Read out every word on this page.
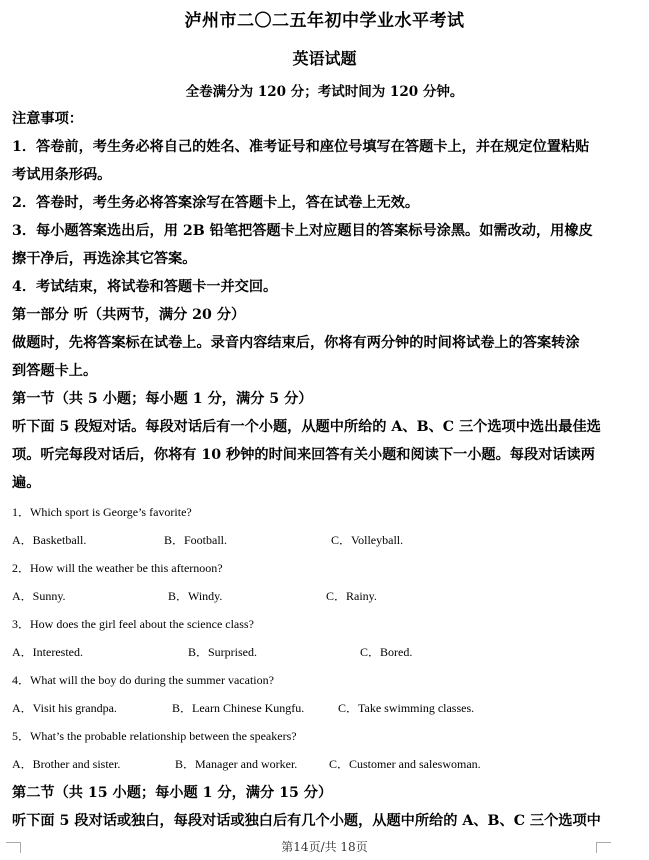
泸州市二〇二五年初中学业水平考试
英语试题
全卷满分为 120 分；考试时间为 120 分钟。
注意事项：
1．答卷前，考生务必将自己的姓名、准考证号和座位号填写在答题卡上，并在规定位置粘贴
考试用条形码。
2．答卷时，考生务必将答案涂写在答题卡上，答在试卷上无效。
3．每小题答案选出后，用 2B 铅笔把答题卡上对应题目的答案标号涂黑。如需改动，用橡皮
擦干净后，再选涂其它答案。
4．考试结束，将试卷和答题卡一并交回。
第一部分 听（共两节，满分 20 分）
做题时，先将答案标在试卷上。录音内容结束后，你将有两分钟的时间将试卷上的答案转涂
到答题卡上。
第一节（共 5 小题；每小题 1 分，满分 5 分）
听下面 5 段短对话。每段对话后有一个小题，从题中所给的 A、B、C 三个选项中选出最佳选
项。听完每段对话后，你将有 10 秒钟的时间来回答有关小题和阅读下一小题。每段对话读两
遍。
1．Which sport is George’s favorite?
A．Basketball.	B．Football.	C．Volleyball.
2．How will the weather be this afternoon?
A．Sunny.	B．Windy.	C．Rainy.
3．How does the girl feel about the science class?
A．Interested.	B．Surprised.	C．Bored.
4．What will the boy do during the summer vacation?
A．Visit his grandpa.	B．Learn Chinese Kungfu.	C．Take swimming classes.
5．What’s the probable relationship between the speakers?
A．Brother and sister.	B．Manager and worker.	C．Customer and saleswoman.
第二节（共 15 小题；每小题 1 分，满分 15 分）
听下面 5 段对话或独白，每段对话或独白后有几个小题，从题中所给的 A、B、C 三个选项中
第14页/共 18页
